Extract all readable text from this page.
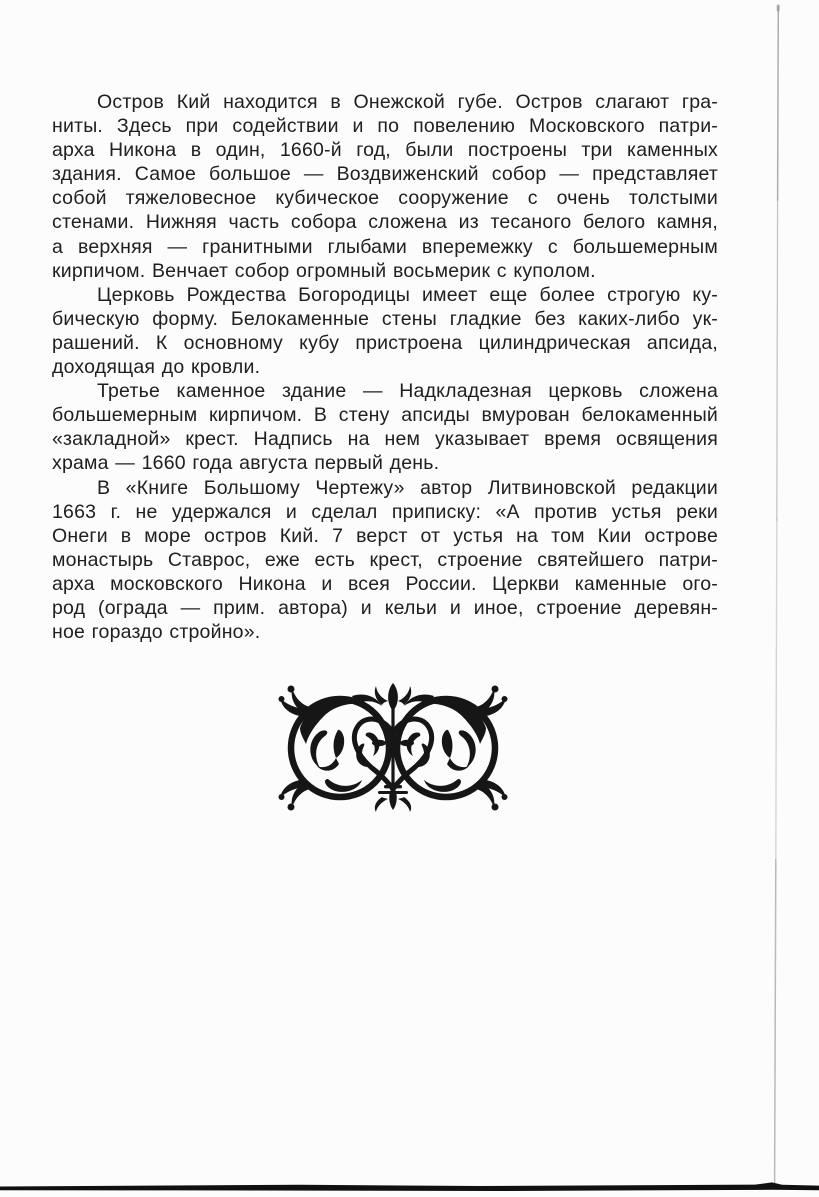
Остров Кий находится в Онежской губе. Остров слагают гра-
ниты. Здесь при содействии и по повелению Московского патри-
арха Никона в один, 1660-й год, были построены три каменных
здания. Самое большое — Воздвиженский собор — представляет
собой тяжеловесное кубическое сооружение с очень толстыми
стенами. Нижняя часть собора сложена из тесаного белого камня,
а верхняя — гранитными глыбами вперемежку с большемерным
кирпичом. Венчает собор огромный восьмерик с куполом.
Церковь Рождества Богородицы имеет еще более строгую ку-
бическую форму. Белокаменные стены гладкие без каких-либо ук-
рашений. К основному кубу пристроена цилиндрическая апсида,
доходящая до кровли.
Третье каменное здание — Надкладезная церковь сложена
большемерным кирпичом. В стену апсиды вмурован белокаменный
«закладной» крест. Надпись на нем указывает время освящения
храма — 1660 года августа первый день.
В «Книге Большому Чертежу» автор Литвиновской редакции
1663 г. не удержался и сделал приписку: «А против устья реки
Онеги в море остров Кий. 7 верст от устья на том Кии острове
монастырь Ставрос, еже есть крест, строение святейшего патри-
арха московского Никона и всея России. Церкви каменные ого-
род (ограда — прим. автора) и кельи и иное, строение деревян-
ное гораздо стройно».
